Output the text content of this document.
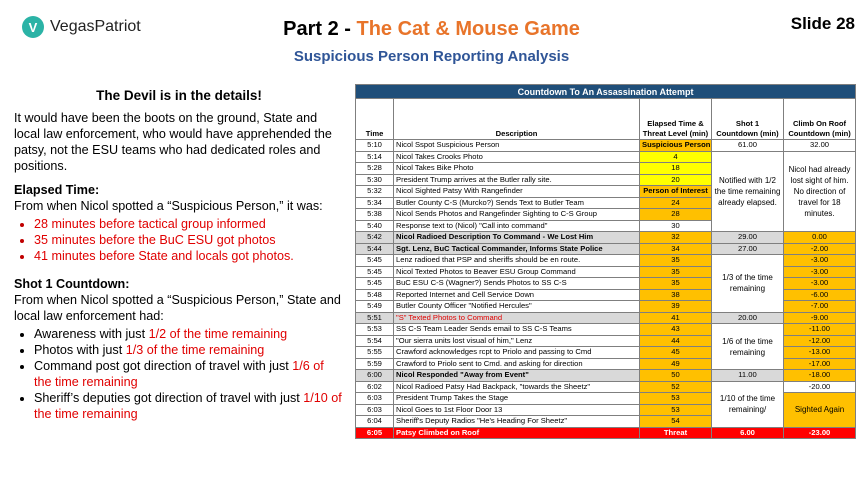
V VegasPatriot	Part 2 - The Cat & Mouse Game
Suspicious Person Reporting Analysis
Slide 28
The Devil is in the details!

It would have been the boots on the ground, State and local law enforcement, who would have apprehended the patsy, not the ESU teams who had dedicated roles and positions.

Elapsed Time:

From when Nicol spotted a “Suspicious Person,” it was:

• 28 minutes before tactical group informed
• 35 minutes before the BuC ESU got photos
• 41 minutes before State and locals got photos.
Shot 1 Countdown:

From when Nicol spotted a “Suspicious Person,” State and local law enforcement had:

• Awareness with just 1/2 of the time remaining
• Photos with just 1/3 of the time remaining
• Command post got direction of travel with just 1/6 of the time remaining
• Sheriff’s deputies got direction of travel with just 1/10 of the time remaining
Countdown To An Assassination Attempt				
Time	Description	Elapsed Time & Threat Level (min)	Shot 1 Countdown (min)	Climb On Roof Countdown (min)
5:10	Nicol Sspot Suspicious Person	Suspicious Person	61.00	32.00
5:14	Nicol Takes Crooks Photo	4	Notified with 1/2 the time remaining already elapsed.	Nicol had already lost sight of him. No direction of travel for 18 minutes.
5:28	Nicol Takes Bike Photo	18		
5:30	President Trump arrives at the Butler rally site.	20		
5:32	Nicol Sighted Patsy With Rangefinder	Person of Interest		
5:34	Butler County C-S (Murcko?) Sends Text to Butler Team	24		
5:38	Nicol Sends Photos and Rangefinder Sighting to C-S Group	28		
5:40	Response text to (Nicol) "Call into command"	30		
5:42	Nicol Radioed Description To Command - We Lost Him	32	29.00	0.00
5:44	Sgt. Lenz, BuC Tactical Commander, Informs State Police	34	27.00	-2.00
5:45	Lenz radioed that PSP and sheriffs should be en route.	35	1/3 of the time remaining	-3.00
5:45	Nicol Texted Photos to Beaver ESU Group Command	35		-3.00
5:45	BuC ESU C-S (Wagner?) Sends Photos to SS C-S	35		-3.00
5:48	Reported Internet and Cell Service Down	38		-6.00
5:49	Butler County Officer "Notified Hercules"	39		-7.00
5:51	"S" Texted Photos to Command	41	20.00	-9.00
5:53	SS C-S Team Leader Sends email to SS C-S Teams	43	1/6 of the time remaining	-11.00
5:54	"Our sierra units lost visual of him," Lenz	44		-12.00
5:55	Crawford acknowledges rcpt to Priolo and passing to Cmd	45		-13.00
5:59	Crawford to Priolo sent to Cmd. and asking for direction	49		-17.00
6:00	Nicol Responded "Away from Event"	50	11.00	-18.00
6:02	Nicol Radioed Patsy Had Backpack, "towards the Sheetz"	52	1/10 of the time remaining/	-20.00
6:03	President Trump Takes the Stage	53		Sighted Again
6:03	Nicol Goes to 1st Floor Door 13	53		
6:04	Sheriff's Deputy Radios "He's Heading For Sheetz"	54		
6:05	Patsy Climbed on Roof	Threat	6.00	-23.00
